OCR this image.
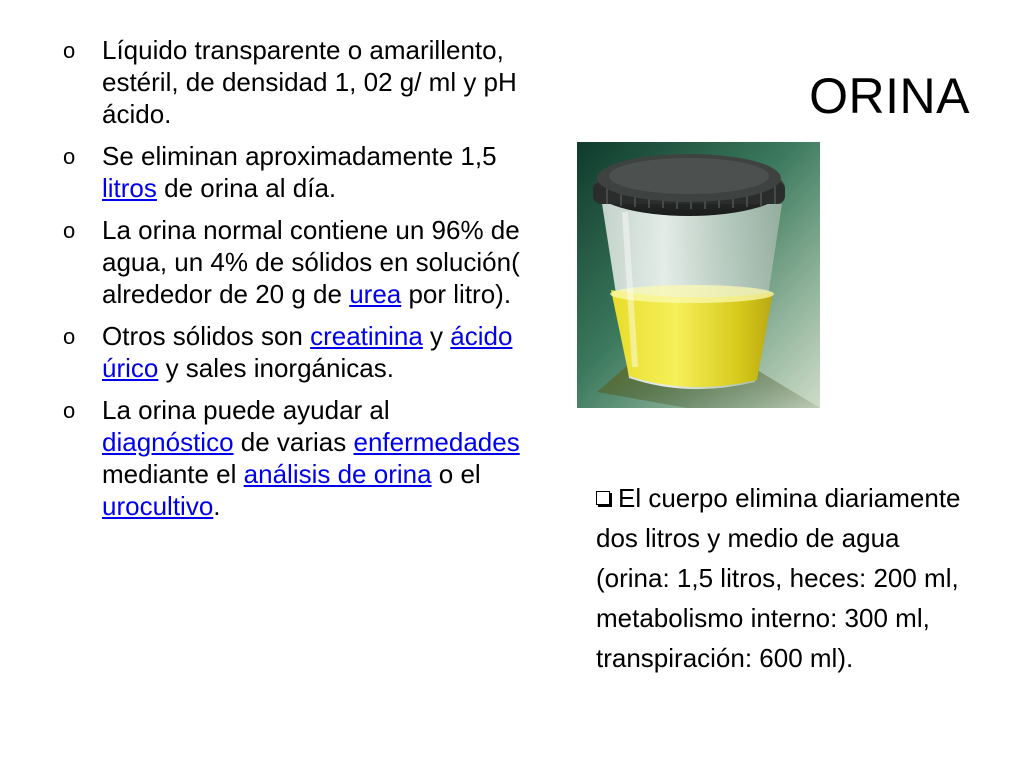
ORINA
o Líquido transparente o amarillento, estéril, de densidad 1, 02 g/ ml y pH ácido.
o Se eliminan aproximadamente 1,5 litros de orina al día.
o La orina normal contiene un 96% de agua, un 4% de sólidos en solución( alrededor de 20 g de urea por litro).
o Otros sólidos son creatinina y ácido úrico y sales inorgánicas.
o La orina puede ayudar al diagnóstico de varias enfermedades mediante el análisis de orina o el urocultivo.	El cuerpo elimina diariamente dos litros y medio de agua (orina: 1,5 litros, heces: 200 ml, metabolismo interno: 300 ml, transpiración: 600 ml).
